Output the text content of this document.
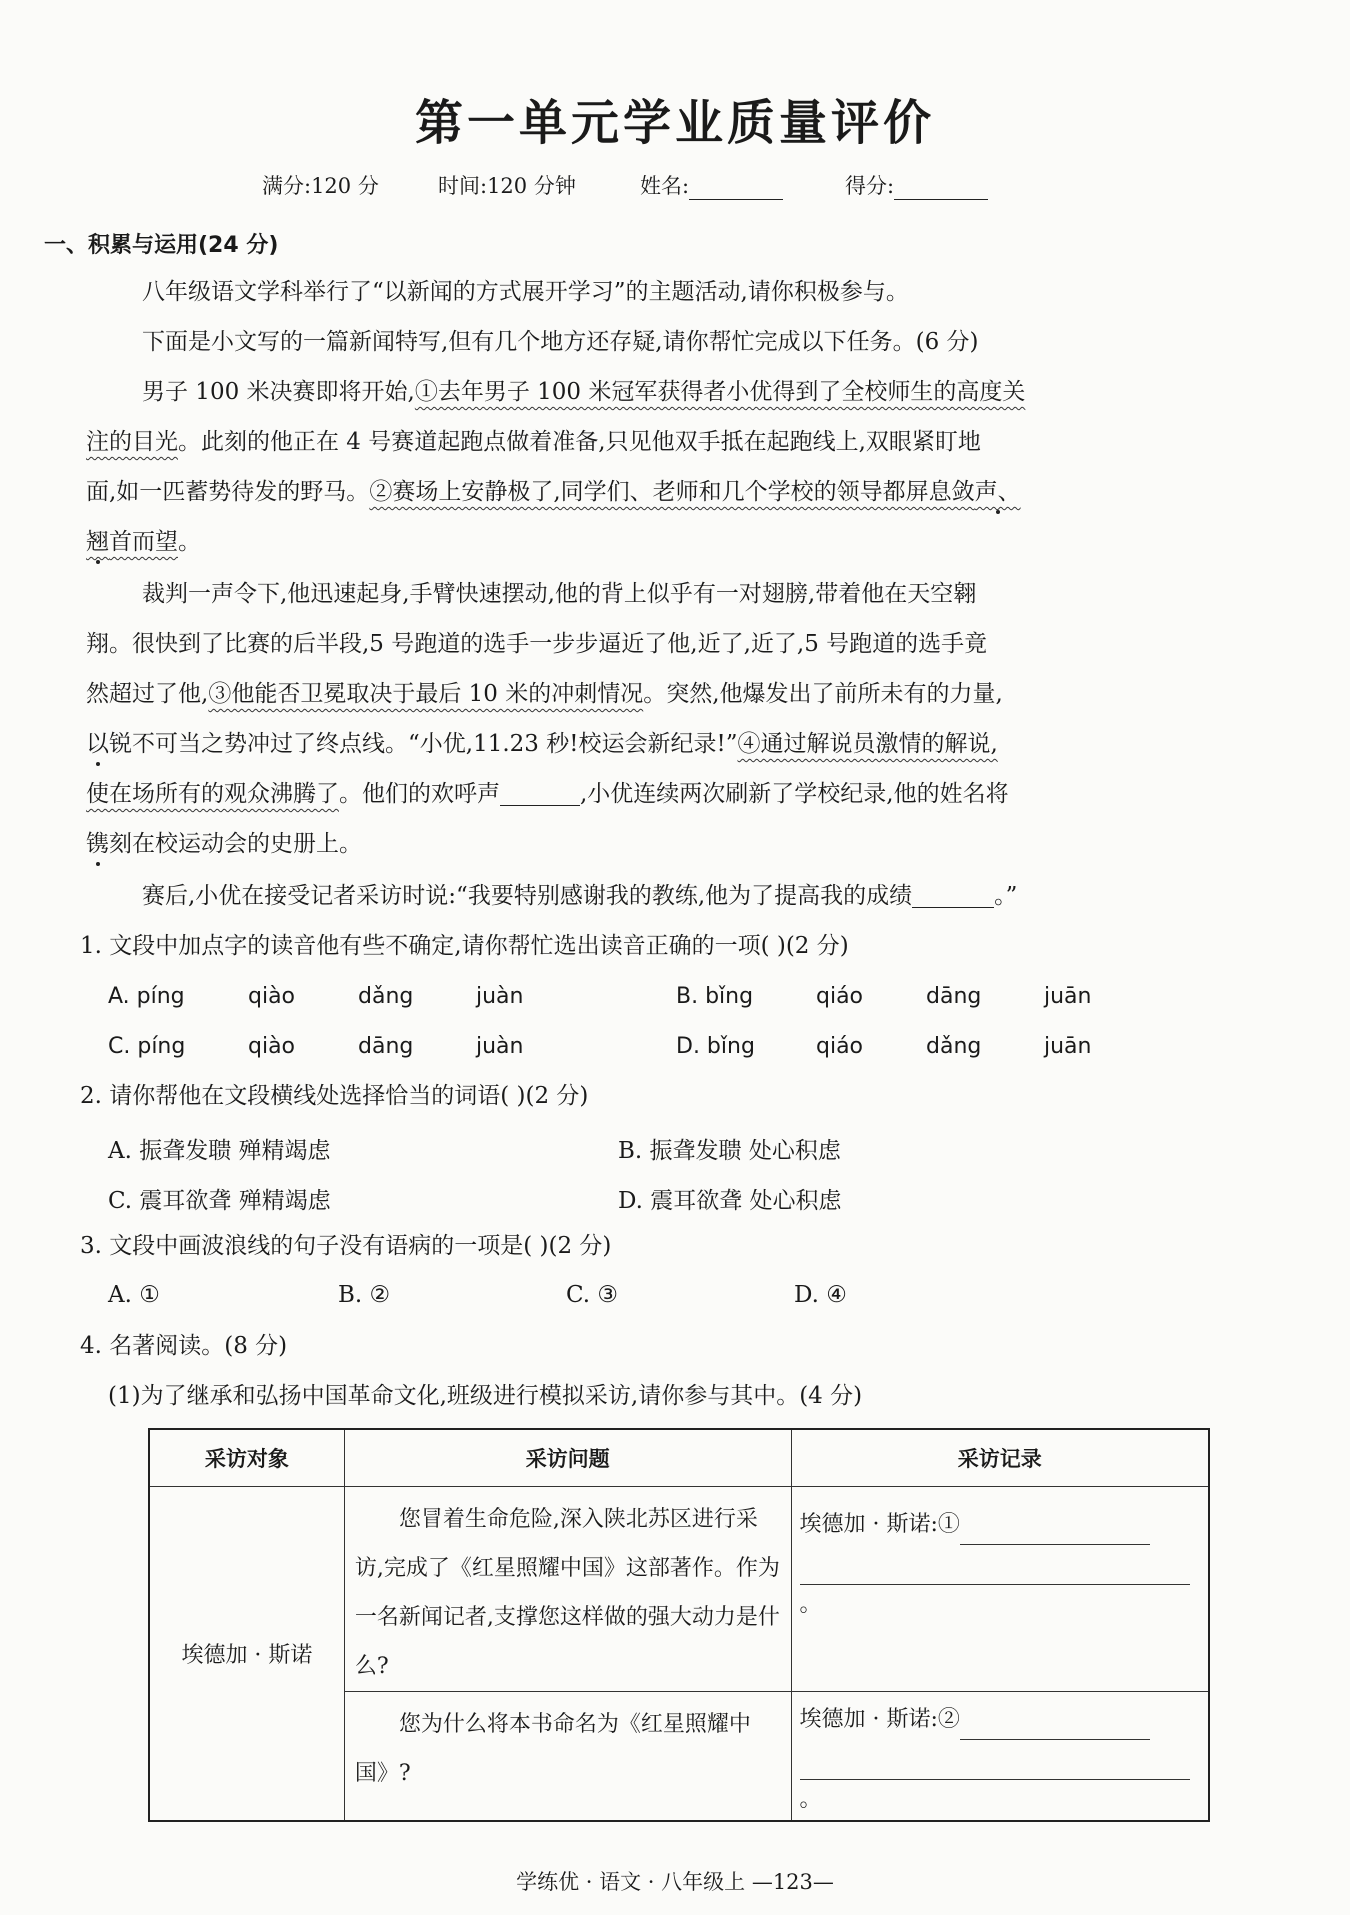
第一单元学业质量评价
满分:120 分	时间:120 分钟	姓名:	得分:
一、积累与运用(24 分)
八年级语文学科举行了“以新闻的方式展开学习”的主题活动,请你积极参与。
下面是小文写的一篇新闻特写,但有几个地方还存疑,请你帮忙完成以下任务。(6 分)
男子 100 米决赛即将开始,①去年男子 100 米冠军获得者小优得到了全校师生的高度关
注的目光。此刻的他正在 4 号赛道起跑点做着准备,只见他双手抵在起跑线上,双眼紧盯地
面,如一匹蓄势待发的野马。②赛场上安静极了,同学们、老师和几个学校的领导都屏息敛声、
翘首而望。
裁判一声令下,他迅速起身,手臂快速摆动,他的背上似乎有一对翅膀,带着他在天空翱
翔。很快到了比赛的后半段,5 号跑道的选手一步步逼近了他,近了,近了,5 号跑道的选手竟
然超过了他,③他能否卫冕取决于最后 10 米的冲刺情况。突然,他爆发出了前所未有的力量,
以锐不可当之势冲过了终点线。“小优,11.23 秒!校运会新纪录!”④通过解说员激情的解说,
使在场所有的观众沸腾了。他们的欢呼声	,小优连续两次刷新了学校纪录,他的姓名将
镌刻在校运动会的史册上。
赛后,小优在接受记者采访时说:“我要特别感谢我的教练,他为了提高我的成绩	。”
1. 文段中加点字的读音他有些不确定,请你帮忙选出读音正确的一项( )(2 分)
A. píng	qiào	dǎng	juàn	B. bǐng	qiáo	dāng	juān
C. píng	qiào	dāng	juàn	D. bǐng	qiáo	dǎng	juān
2. 请你帮他在文段横线处选择恰当的词语( )(2 分)
A. 振聋发聩 殚精竭虑	B. 振聋发聩 处心积虑
C. 震耳欲聋 殚精竭虑	D. 震耳欲聋 处心积虑
3. 文段中画波浪线的句子没有语病的一项是( )(2 分)
A. ①	B. ②	C. ③	D. ④
4. 名著阅读。(8 分)
(1)为了继承和弘扬中国革命文化,班级进行模拟采访,请你参与其中。(4 分)
采访对象	采访问题	采访记录
埃德加 · 斯诺	您冒着生命危险,深入陕北苏区进行采访,完成了《红星照耀中国》这部著作。作为一名新闻记者,支撑您这样做的强大动力是什么?	埃德加 · 斯诺:①
。

	您为什么将本书命名为《红星照耀中国》?	埃德加 · 斯诺:②
。
学练优 · 语文 · 八年级上 —123—
